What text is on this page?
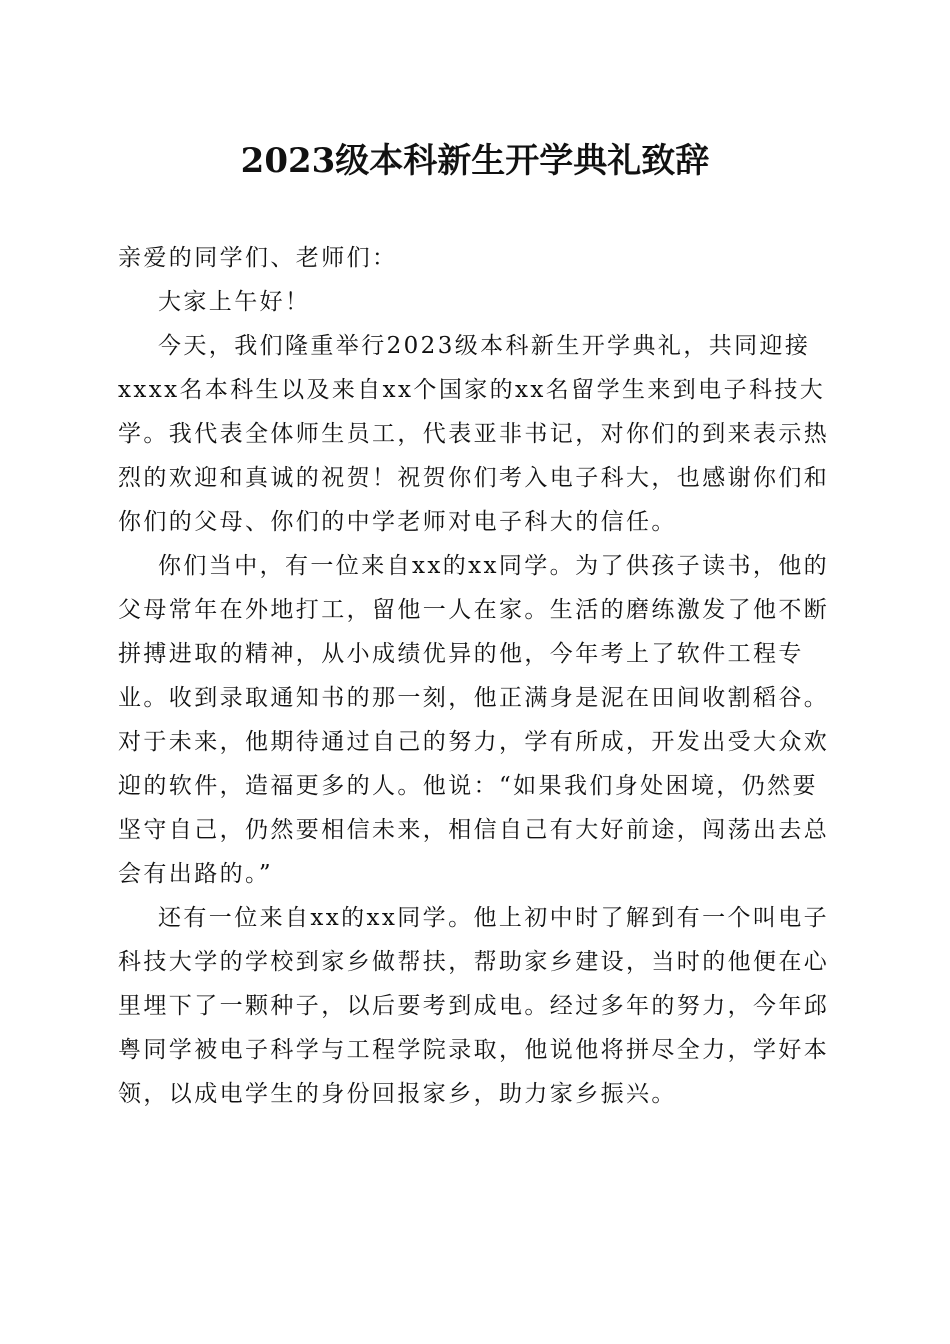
2023级本科新生开学典礼致辞

亲爱的同学们、老师们：

大家上午好！

今天，我们隆重举行2023级本科新生开学典礼，共同迎接xxxx名本科生以及来自xx个国家的xx名留学生来到电子科技大学。我代表全体师生员工，代表亚非书记，对你们的到来表示热烈的欢迎和真诚的祝贺！祝贺你们考入电子科大，也感谢你们和你们的父母、你们的中学老师对电子科大的信任。

你们当中，有一位来自xx的xx同学。为了供孩子读书，他的父母常年在外地打工，留他一人在家。生活的磨练激发了他不断拼搏进取的精神，从小成绩优异的他，今年考上了软件工程专业。收到录取通知书的那一刻，他正满身是泥在田间收割稻谷。对于未来，他期待通过自己的努力，学有所成，开发出受大众欢迎的软件，造福更多的人。他说：“如果我们身处困境，仍然要坚守自己，仍然要相信未来，相信自己有大好前途，闯荡出去总会有出路的。”

还有一位来自xx的xx同学。他上初中时了解到有一个叫电子科技大学的学校到家乡做帮扶，帮助家乡建设，当时的他便在心里埋下了一颗种子，以后要考到成电。经过多年的努力，今年邱粤同学被电子科学与工程学院录取，他说他将拼尽全力，学好本领，以成电学生的身份回报家乡，助力家乡振兴。
